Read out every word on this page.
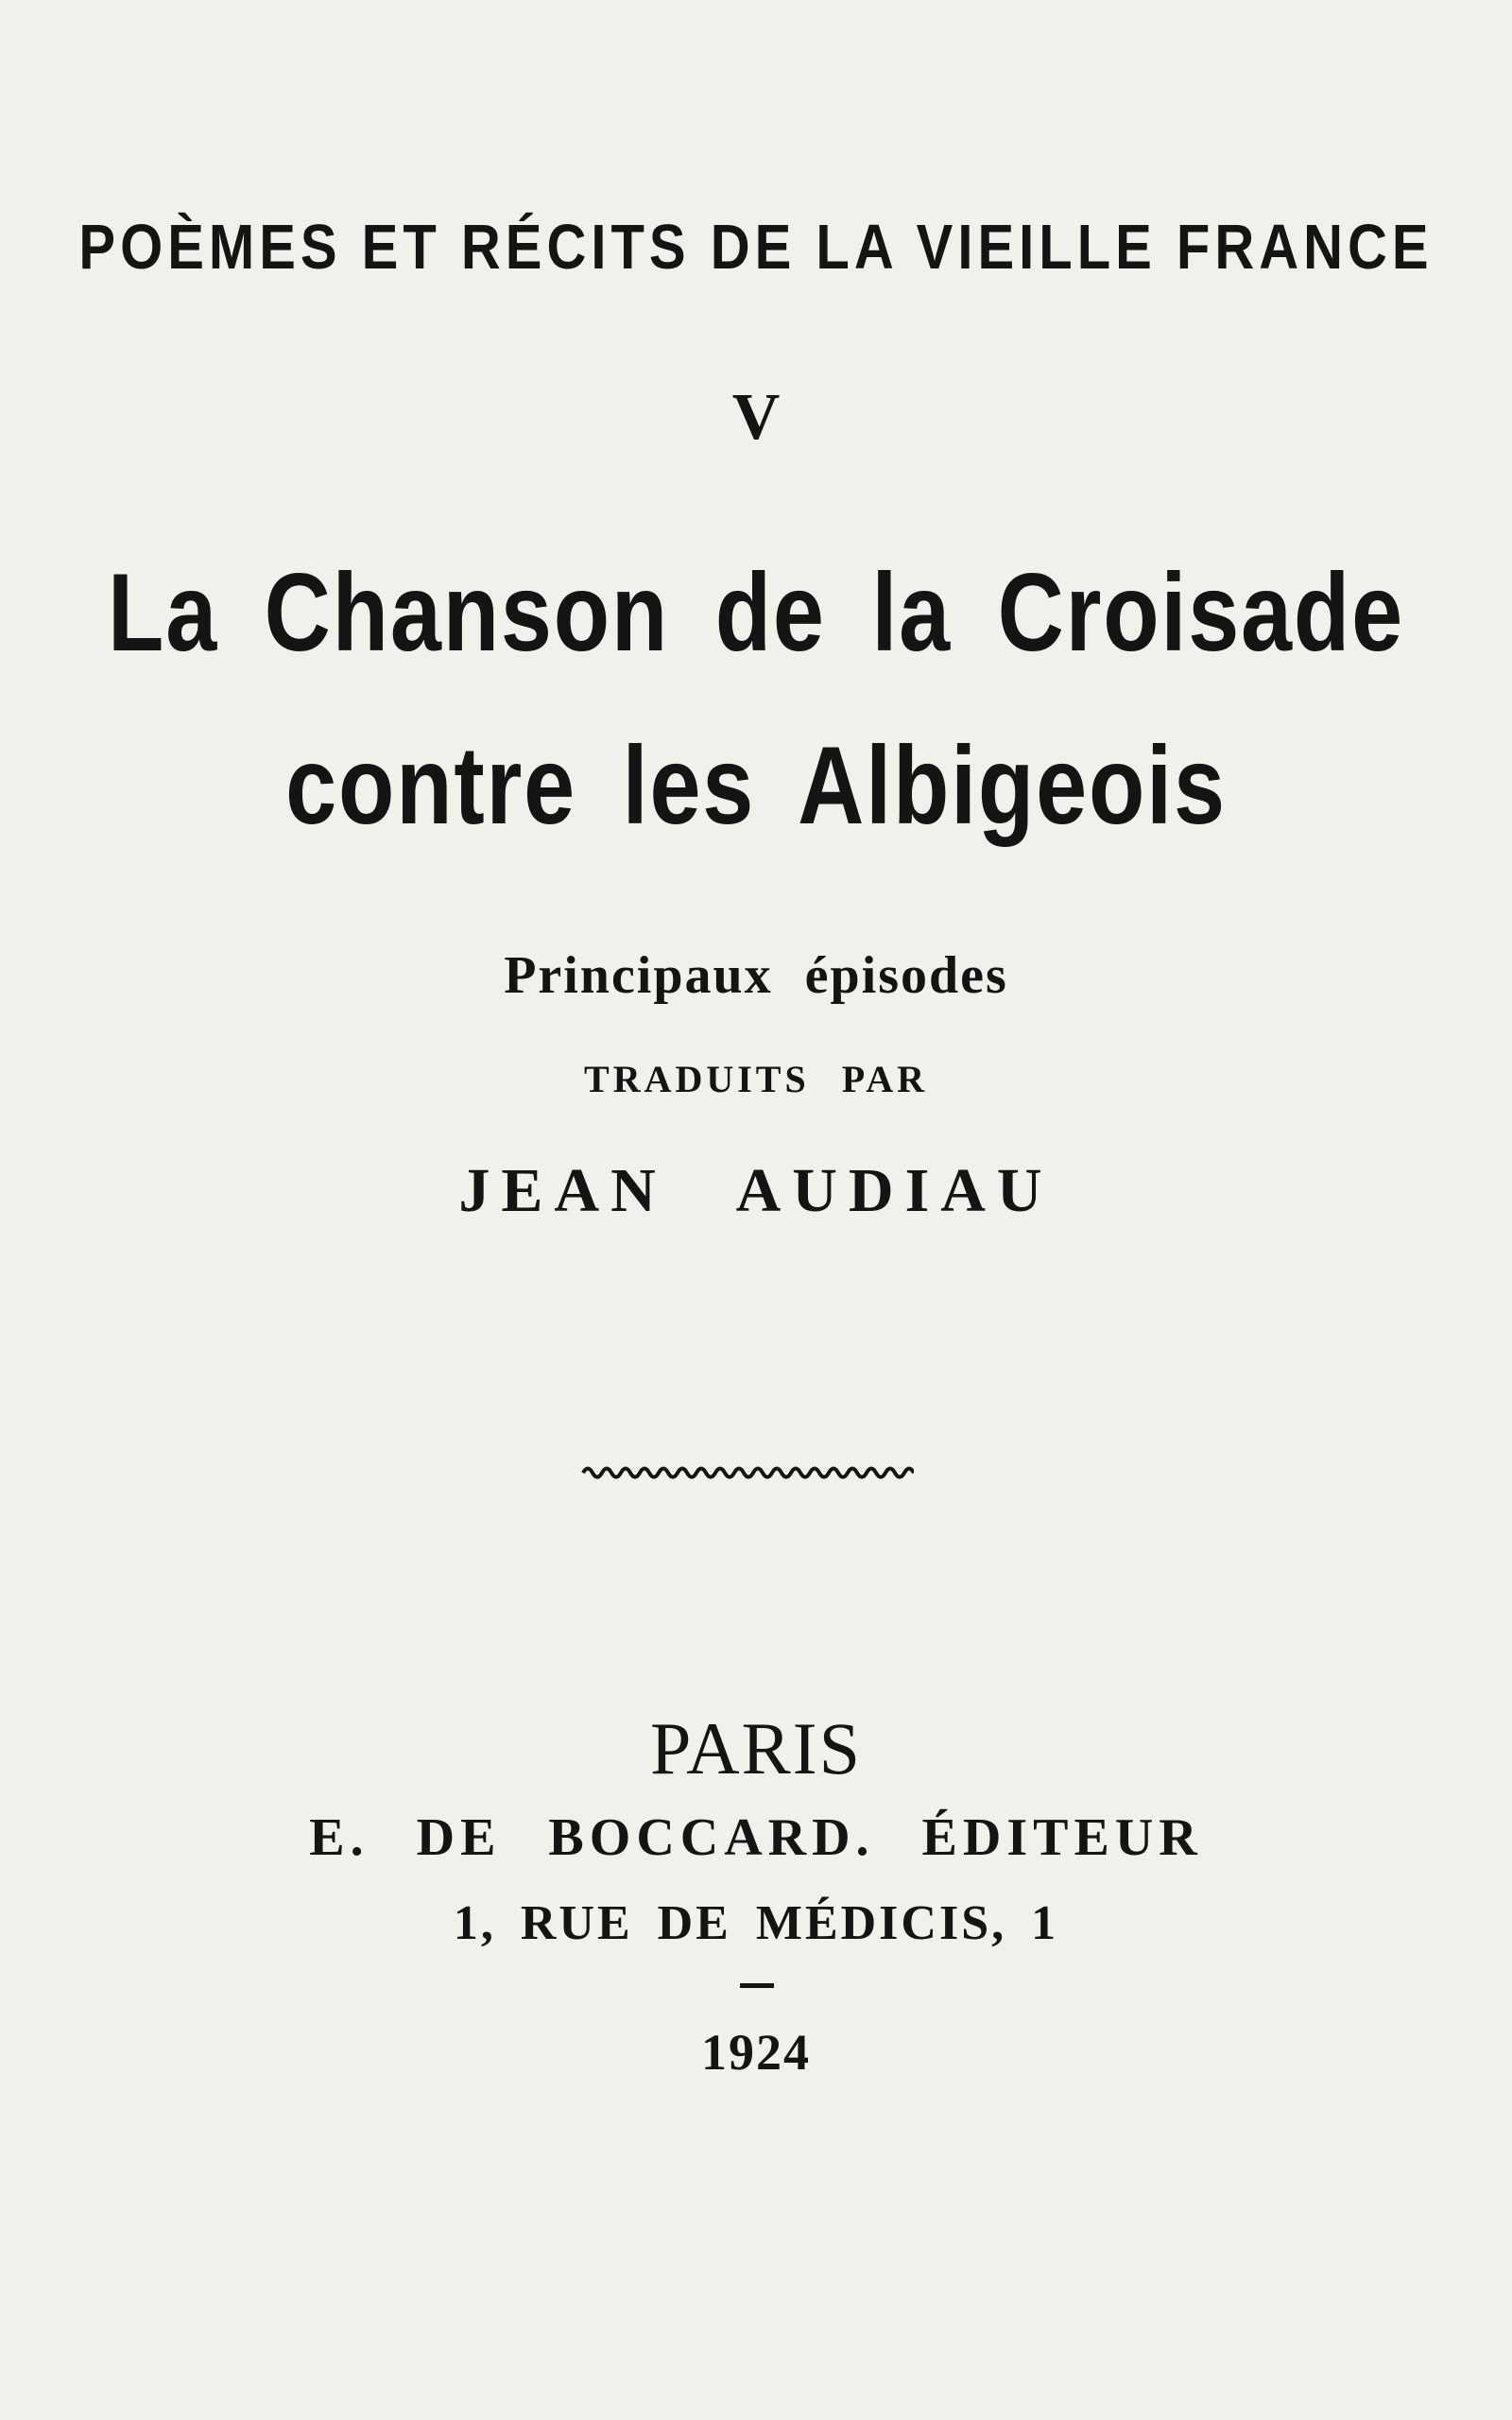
POÈMES ET RÉCITS DE LA VIEILLE FRANCE
V
La Chanson de la Croisade
contre les Albigeois
Principaux épisodes
TRADUITS PAR
JEAN AUDIAU
PARIS
E. DE BOCCARD. ÉDITEUR
1, RUE DE MÉDICIS, 1
1924
